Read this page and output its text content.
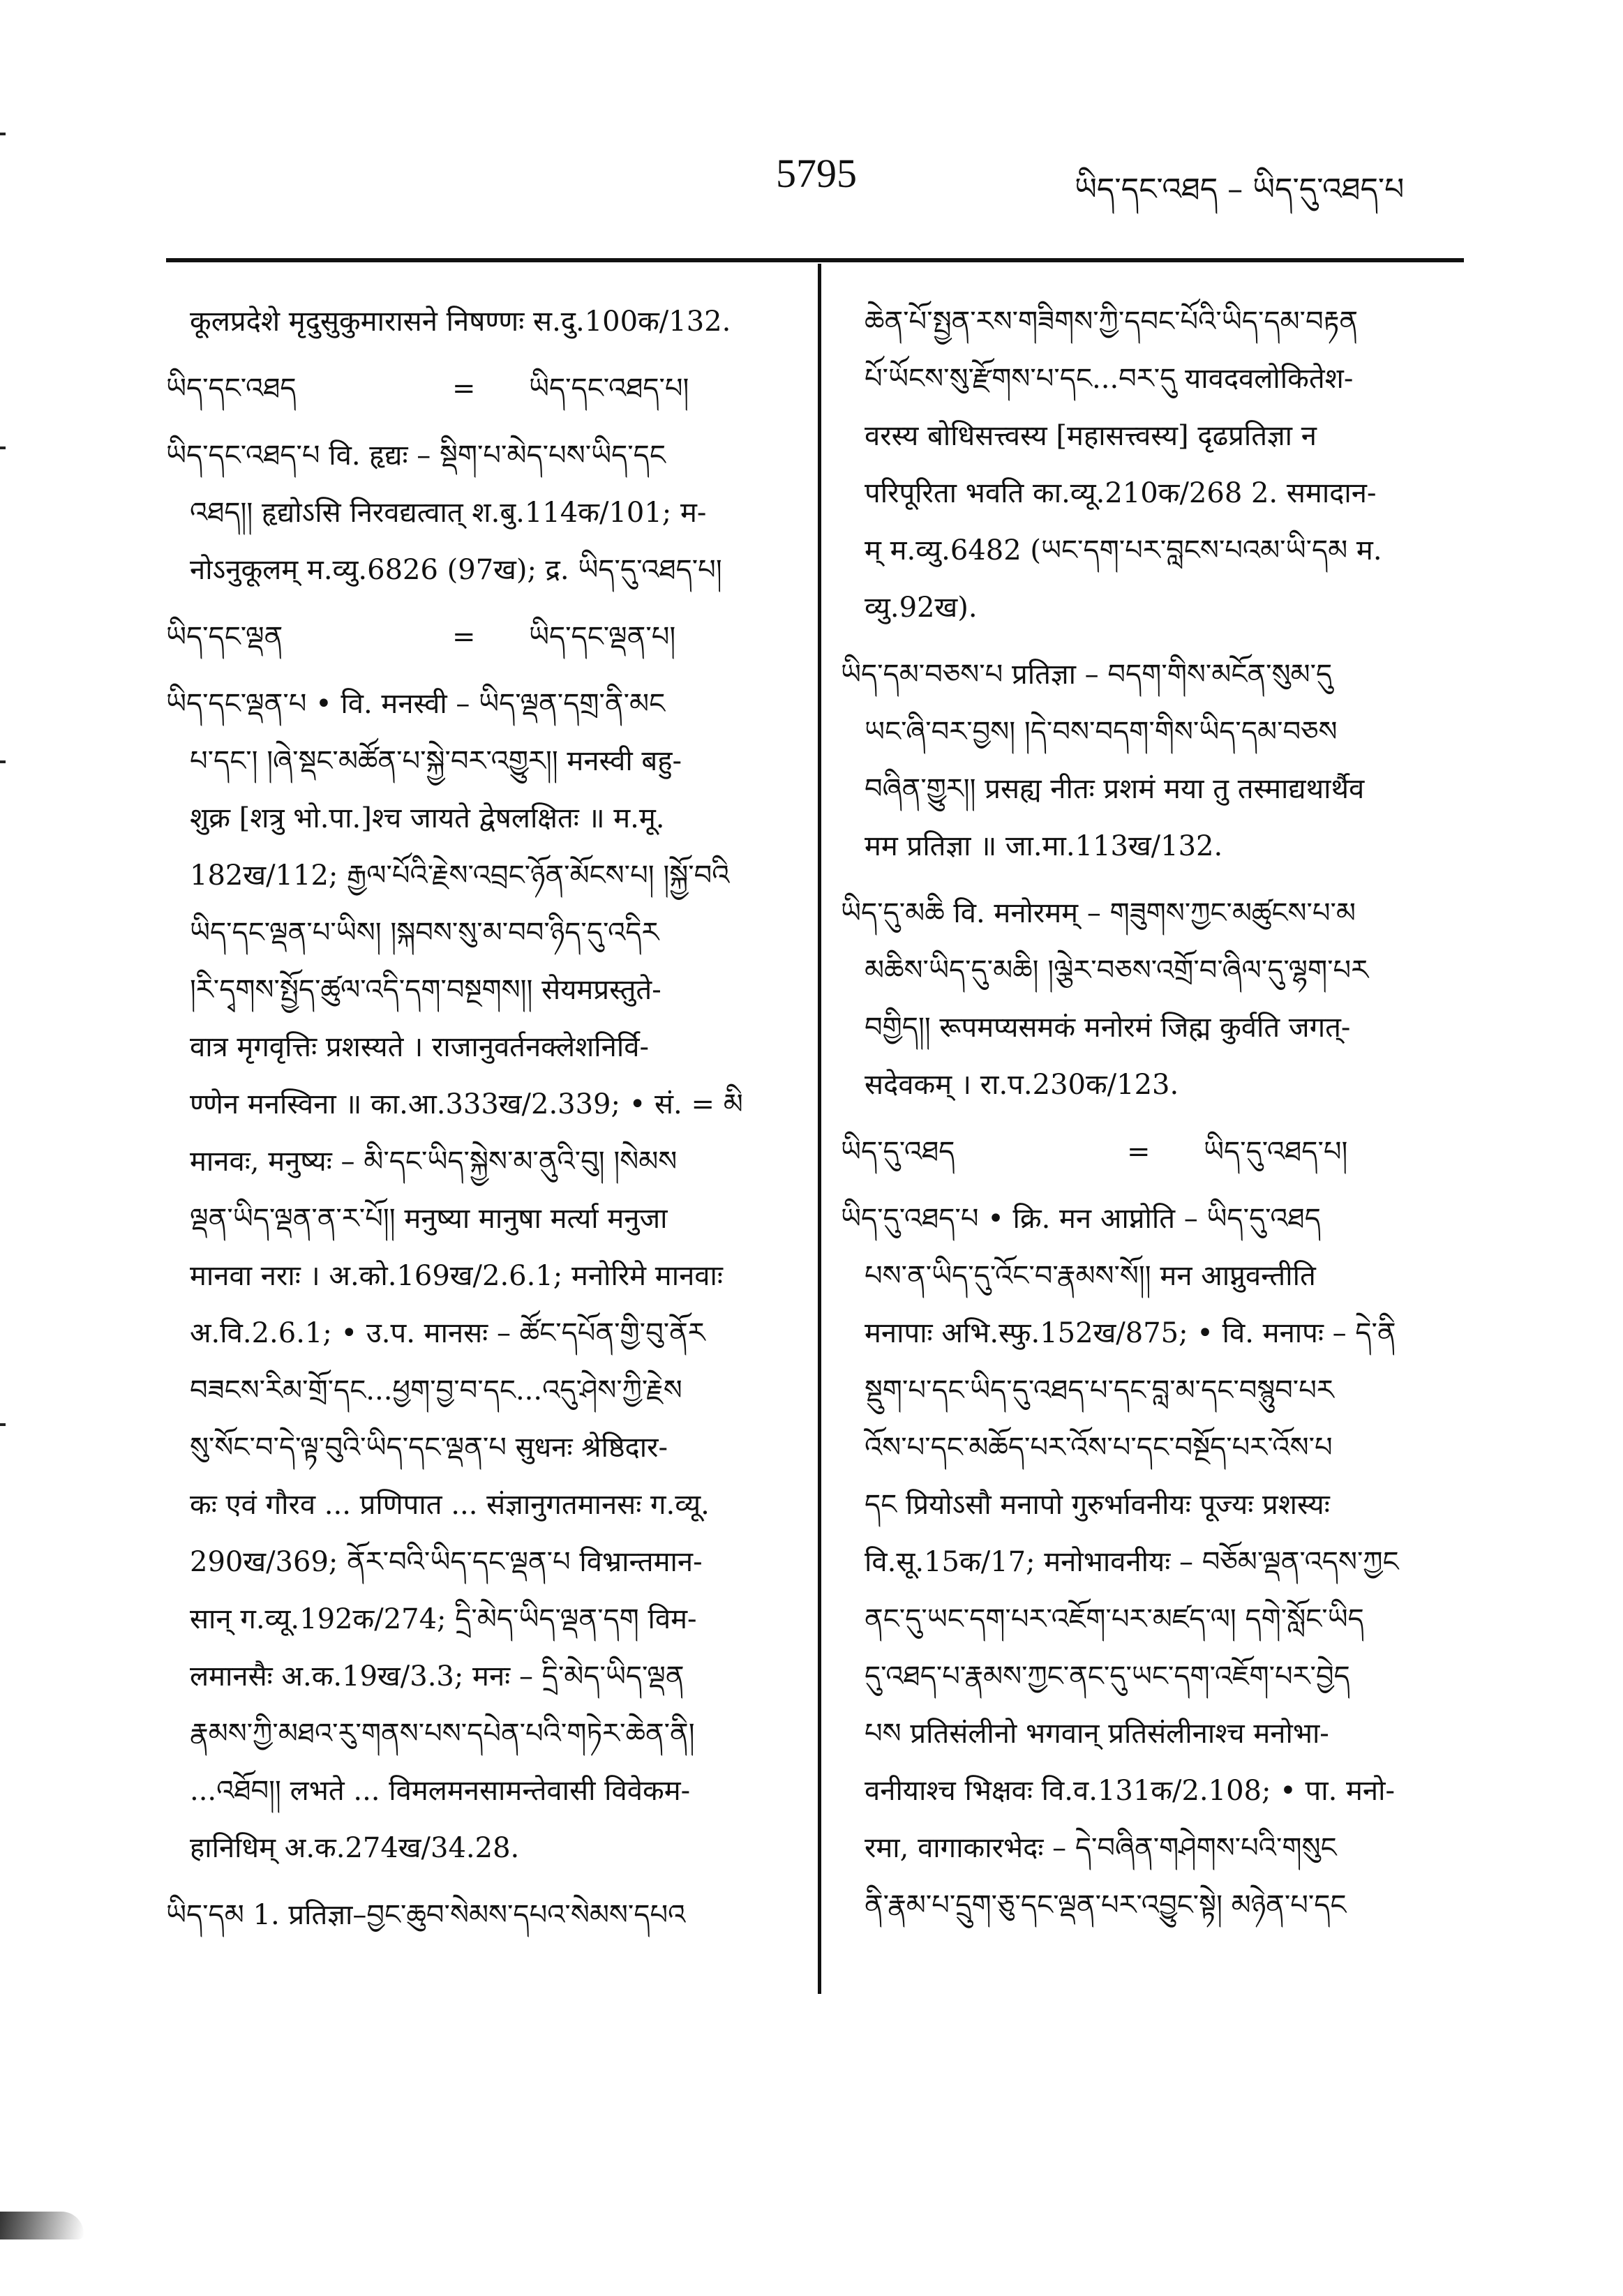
5795	ཡིད་དང་འཐད – ཡིད་དུ་འཐད་པ
कूलप्रदेशे मृदुसुकुमारासने निषण्णः स.दु.100क/132.
ཡིད་དང་འཐད	=	ཡིད་དང་འཐད་པ།
ཡིད་དང་འཐད་པ वि. हृद्यः – སྡིག་པ་མེད་པས་ཡིད་དང
འཐད།། हृद्योऽसि निरवद्यत्वात् श.बु.114क/101; म-
नोऽनुकूलम् म.व्यु.6826 (97ख); द्र. ཡིད་དུ་འཐད་པ།
ཡིད་དང་ལྡན	=	ཡིད་དང་ལྡན་པ།
ཡིད་དང་ལྡན་པ • वि. मनस्वी – ཡིད་ལྡན་དགྲ་ནི་མང
པ་དང་། །ཞེ་སྡང་མཚོན་པ་སྐྱེ་བར་འགྱུར།། मनस्वी बहु-
शुक्र [शत्रु भो.पा.]श्च जायते द्वेषलक्षितः ॥ म.मू.
182ख/112; རྒྱལ་པོའི་རྗེས་འབྲང་ཉོན་མོངས་པ། །སྐྱོ་བའི
ཡིད་དང་ལྡན་པ་ཡིས། །སྐབས་སུ་མ་བབ་ཉིད་དུ་འདིར
།རི་དྭགས་སྤྱོད་ཚུལ་འདི་དག་བསྔགས།། सेयमप्रस्तुते-
वात्र मृगवृत्तिः प्रशस्यते । राजानुवर्तनक्लेशनिर्वि-
ण्णेन मनस्विना ॥ का.आ.333ख/2.339; • सं. = མི
मानवः, मनुष्यः – མི་དང་ཡིད་སྐྱེས་མ་ནུའི་བུ། །སེམས
ལྡན་ཡིད་ལྡན་ན་ར་པོ།། मनुष्या मानुषा मर्त्या मनुजा
मानवा नराः । अ.को.169ख/2.6.1; मनोरिमे मानवाः
अ.वि.2.6.1; • उ.प. मानसः – ཚོང་དཔོན་གྱི་བུ་ནོར
བཟངས་རིམ་གྲོ་དང...ཕྱག་བྱ་བ་དང...འདུ་ཤེས་ཀྱི་རྗེས
སུ་སོང་བ་དེ་ལྟ་བུའི་ཡིད་དང་ལྡན་པ सुधनः श्रेष्ठिदार-
कः एवं गौरव ... प्रणिपात ... संज्ञानुगतमानसः ग.व्यू.
290ख/369; ནོར་བའི་ཡིད་དང་ལྡན་པ विभ्रान्तमान-
सान् ग.व्यू.192क/274; དྲི་མེད་ཡིད་ལྡན་དག विम-
लमानसैः अ.क.19ख/3.3; मनः – དྲི་མེད་ཡིད་ལྡན
རྣམས་ཀྱི་མཐའ་རུ་གནས་པས་དཔེན་པའི་གཏེར་ཆེན་ནི།
...འཐོབ།། लभते ... विमलमनसामन्तेवासी विवेकम-
हानिधिम् अ.क.274ख/34.28.
ཡིད་དམ 1. प्रतिज्ञा–བྱང་ཆུབ་སེམས་དཔའ་སེམས་དཔའ
ཆེན་པོ་སྤྱན་རས་གཟིགས་ཀྱི་དབང་པོའི་ཡིད་དམ་བརྟན
པོ་ཡོངས་སུ་རྫོགས་པ་དང...བར་དུ यावदवलोकितेश-
वरस्य बोधिसत्त्वस्य [महासत्त्वस्य] दृढप्रतिज्ञा न
परिपूरिता भवति का.व्यू.210क/268 2. समादान-
म् म.व्यु.6482 (ཡང་དག་པར་བླངས་པའམ་ཡི་དམ म.
व्यु.92ख).
ཡིད་དམ་བཅས་པ प्रतिज्ञा – བདག་གིས་མངོན་སུམ་དུ
ཡང་ཞི་བར་བྱས། །དེ་བས་བདག་གིས་ཡིད་དམ་བཅས
བཞིན་གྱུར།། प्रसह्य नीतः प्रशमं मया तु तस्माद्यथार्थैव
मम प्रतिज्ञा ॥ जा.मा.113ख/132.
ཡིད་དུ་མཆི वि. मनोरमम् – གཟུགས་ཀྱང་མཚུངས་པ་མ
མཆིས་ཡིད་དུ་མཆི། །ལྕེར་བཅས་འགྲོ་བ་ཞིལ་དུ་ལྷག་པར
བགྱིད།། रूपमप्यसमकं मनोरमं जिह्म कुर्वति जगत्-
सदेवकम् । रा.प.230क/123.
ཡིད་དུ་འཐད	=	ཡིད་དུ་འཐད་པ།
ཡིད་དུ་འཐད་པ • क्रि. मन आप्नोति – ཡིད་དུ་འཐད
པས་ན་ཡིད་དུ་འོང་བ་རྣམས་སོ།། मन आप्नुवन्तीति
मनापाः अभि.स्फु.152ख/875; • वि. मनापः – དེ་ནི
སྡུག་པ་དང་ཡིད་དུ་འཐད་པ་དང་བླ་མ་དང་བསྙུབ་པར
འོས་པ་དང་མཆོད་པར་འོས་པ་དང་བསྔོད་པར་འོས་པ
དང प्रियोऽसौ मनापो गुरुर्भावनीयः पूज्यः प्रशस्यः
वि.सू.15क/17; मनोभावनीयः – བཅོམ་ལྡན་འདས་ཀྱང
ནང་དུ་ཡང་དག་པར་འཇོག་པར་མཛད་ལ། དགེ་སློང་ཡིད
དུ་འཐད་པ་རྣམས་ཀྱང་ནང་དུ་ཡང་དག་འཇོག་པར་བྱེད
པས प्रतिसंलीनो भगवान् प्रतिसंलीनाश्च मनोभा-
वनीयाश्च भिक्षवः वि.व.131क/2.108; • पा. मनो-
रमा, वागाकारभेदः – དེ་བཞིན་གཤེགས་པའི་གསུང
ནི་རྣམ་པ་དྲུག་ཅུ་དང་ལྡན་པར་འབྱུང་སྟེ། མཉེན་པ་དང
